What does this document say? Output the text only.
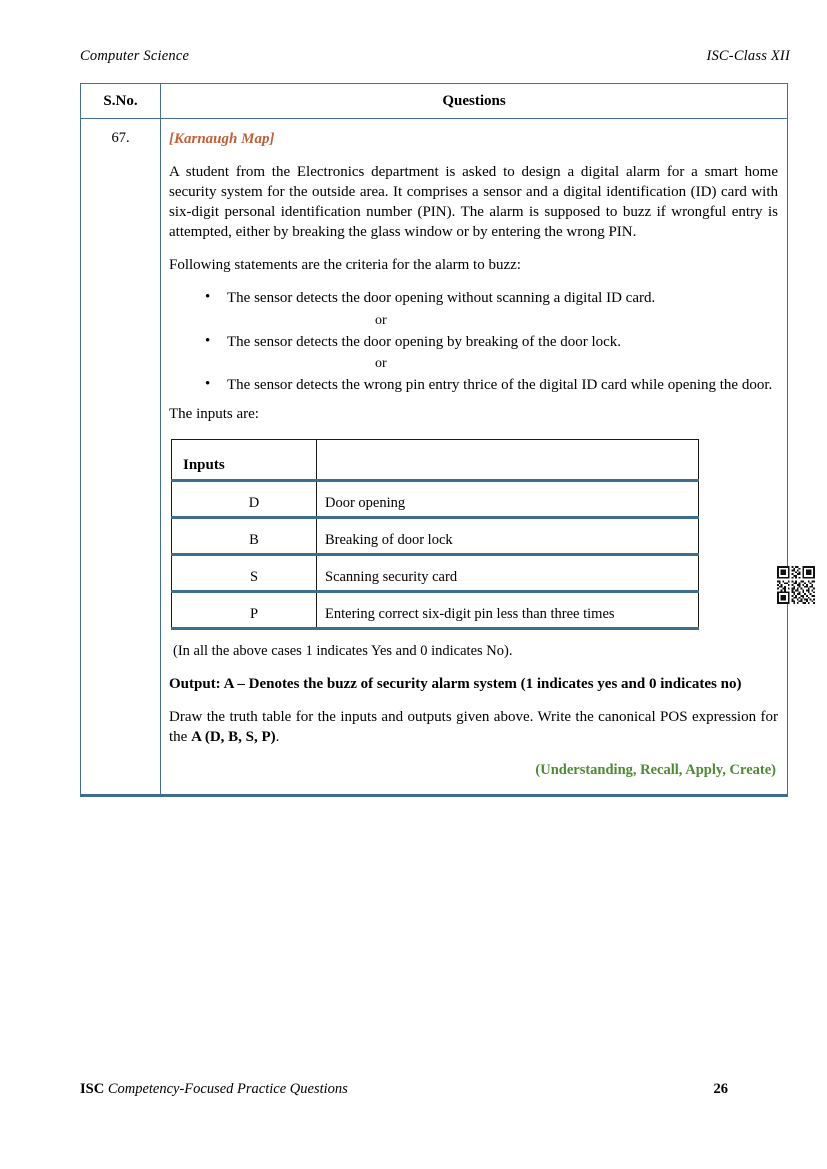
Computer Science	ISC-Class XII
S.No.	Questions
67.	[Karnaugh Map]

A student from the Electronics department is asked to design a digital alarm for a smart home security system for the outside area. It comprises a sensor and a digital identification (ID) card with six-digit personal identification number (PIN). The alarm is supposed to buzz if wrongful entry is attempted, either by breaking the glass window or by entering the wrong PIN.

Following statements are the criteria for the alarm to buzz:

• The sensor detects the door opening without scanning a digital ID card.
or
• The sensor detects the door opening by breaking of the door lock.
or
• The sensor detects the wrong pin entry thrice of the digital ID card while opening the door.

The inputs are:

Inputs	
D	Door opening
B	Breaking of door lock
S	Scanning security card
P	Entering correct six-digit pin less than three times

(In all the above cases 1 indicates Yes and 0 indicates No).

Output: A – Denotes the buzz of security alarm system (1 indicates yes and 0 indicates no)

Draw the truth table for the inputs and outputs given above. Write the canonical POS expression for the A (D, B, S, P).

(Understanding, Recall, Apply, Create)

ISC Competency-Focused Practice Questions	26
